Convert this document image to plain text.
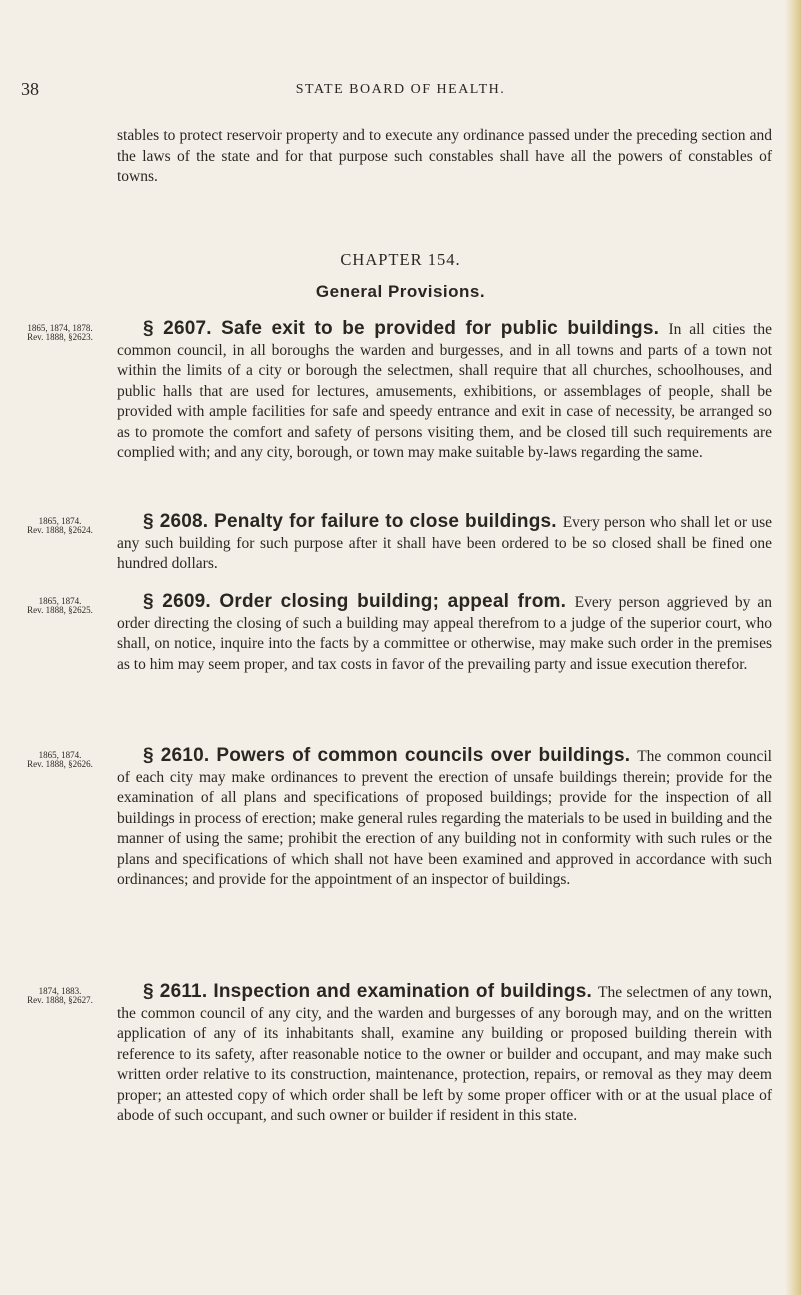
38	STATE BOARD OF HEALTH.
stables to protect reservoir property and to execute any ordinance passed under the preceding section and the laws of the state and for that purpose such constables shall have all the powers of constables of towns.
CHAPTER 154.
General Provisions.
1865, 1874, 1878.
Rev. 1888, §2623.	§ 2607. Safe exit to be provided for public buildings. In all cities the common council, in all boroughs the warden and burgesses, and in all towns and parts of a town not within the limits of a city or borough the selectmen, shall require that all churches, schoolhouses, and public halls that are used for lectures, amusements, exhibitions, or assemblages of people, shall be provided with ample facilities for safe and speedy entrance and exit in case of necessity, be arranged so as to promote the comfort and safety of persons visiting them, and be closed till such requirements are complied with; and any city, borough, or town may make suitable by-laws regarding the same.
1865, 1874.
Rev. 1888, §2624.	§ 2608. Penalty for failure to close buildings. Every person who shall let or use any such building for such purpose after it shall have been ordered to be so closed shall be fined one hundred dollars.
1865, 1874.
Rev. 1888, §2625.	§ 2609. Order closing building; appeal from. Every person aggrieved by an order directing the closing of such a building may appeal therefrom to a judge of the superior court, who shall, on notice, inquire into the facts by a committee or otherwise, may make such order in the premises as to him may seem proper, and tax costs in favor of the prevailing party and issue execution therefor.
1865, 1874.
Rev. 1888, §2626.	§ 2610. Powers of common councils over buildings. The common council of each city may make ordinances to prevent the erection of unsafe buildings therein; provide for the examination of all plans and specifications of proposed buildings; provide for the inspection of all buildings in process of erection; make general rules regarding the materials to be used in building and the manner of using the same; prohibit the erection of any building not in conformity with such rules or the plans and specifications of which shall not have been examined and approved in accordance with such ordinances; and provide for the appointment of an inspector of buildings.
1874, 1883.
Rev. 1888, §2627.	§ 2611. Inspection and examination of buildings. The selectmen of any town, the common council of any city, and the warden and burgesses of any borough may, and on the written application of any of its inhabitants shall, examine any building or proposed building therein with reference to its safety, after reasonable notice to the owner or builder and occupant, and may make such written order relative to its construction, maintenance, protection, repairs, or removal as they may deem proper; an attested copy of which order shall be left by some proper officer with or at the usual place of abode of such occupant, and such owner or builder if resident in this state.
